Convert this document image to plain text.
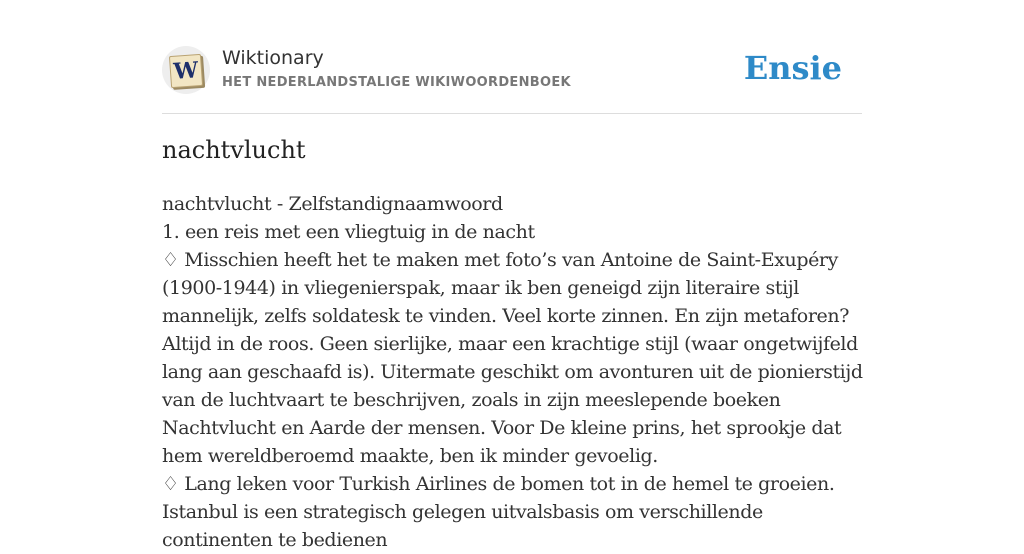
W Wiktionary
HET NEDERLANDSTALIGE WIKIWOORDENBOEK	Ensie
nachtvlucht

nachtvlucht - Zelfstandignaamwoord

1. een reis met een vliegtuig in de nacht

♢ Misschien heeft het te maken met foto’s van Antoine de Saint-Exupéry (1900-1944) in vliegenierspak, maar ik ben geneigd zijn literaire stijl mannelijk, zelfs soldatesk te vinden. Veel korte zinnen. En zijn metaforen? Altijd in de roos. Geen sierlijke, maar een krachtige stijl (waar ongetwijfeld lang aan geschaafd is). Uitermate geschikt om avonturen uit de pionierstijd van de luchtvaart te beschrijven, zoals in zijn meeslepende boeken Nachtvlucht en Aarde der mensen. Voor De kleine prins, het sprookje dat hem wereldberoemd maakte, ben ik minder gevoelig.

♢ Lang leken voor Turkish Airlines de bomen tot in de hemel te groeien. Istanbul is een strategisch gelegen uitvalsbasis om verschillende continenten te bedienen
